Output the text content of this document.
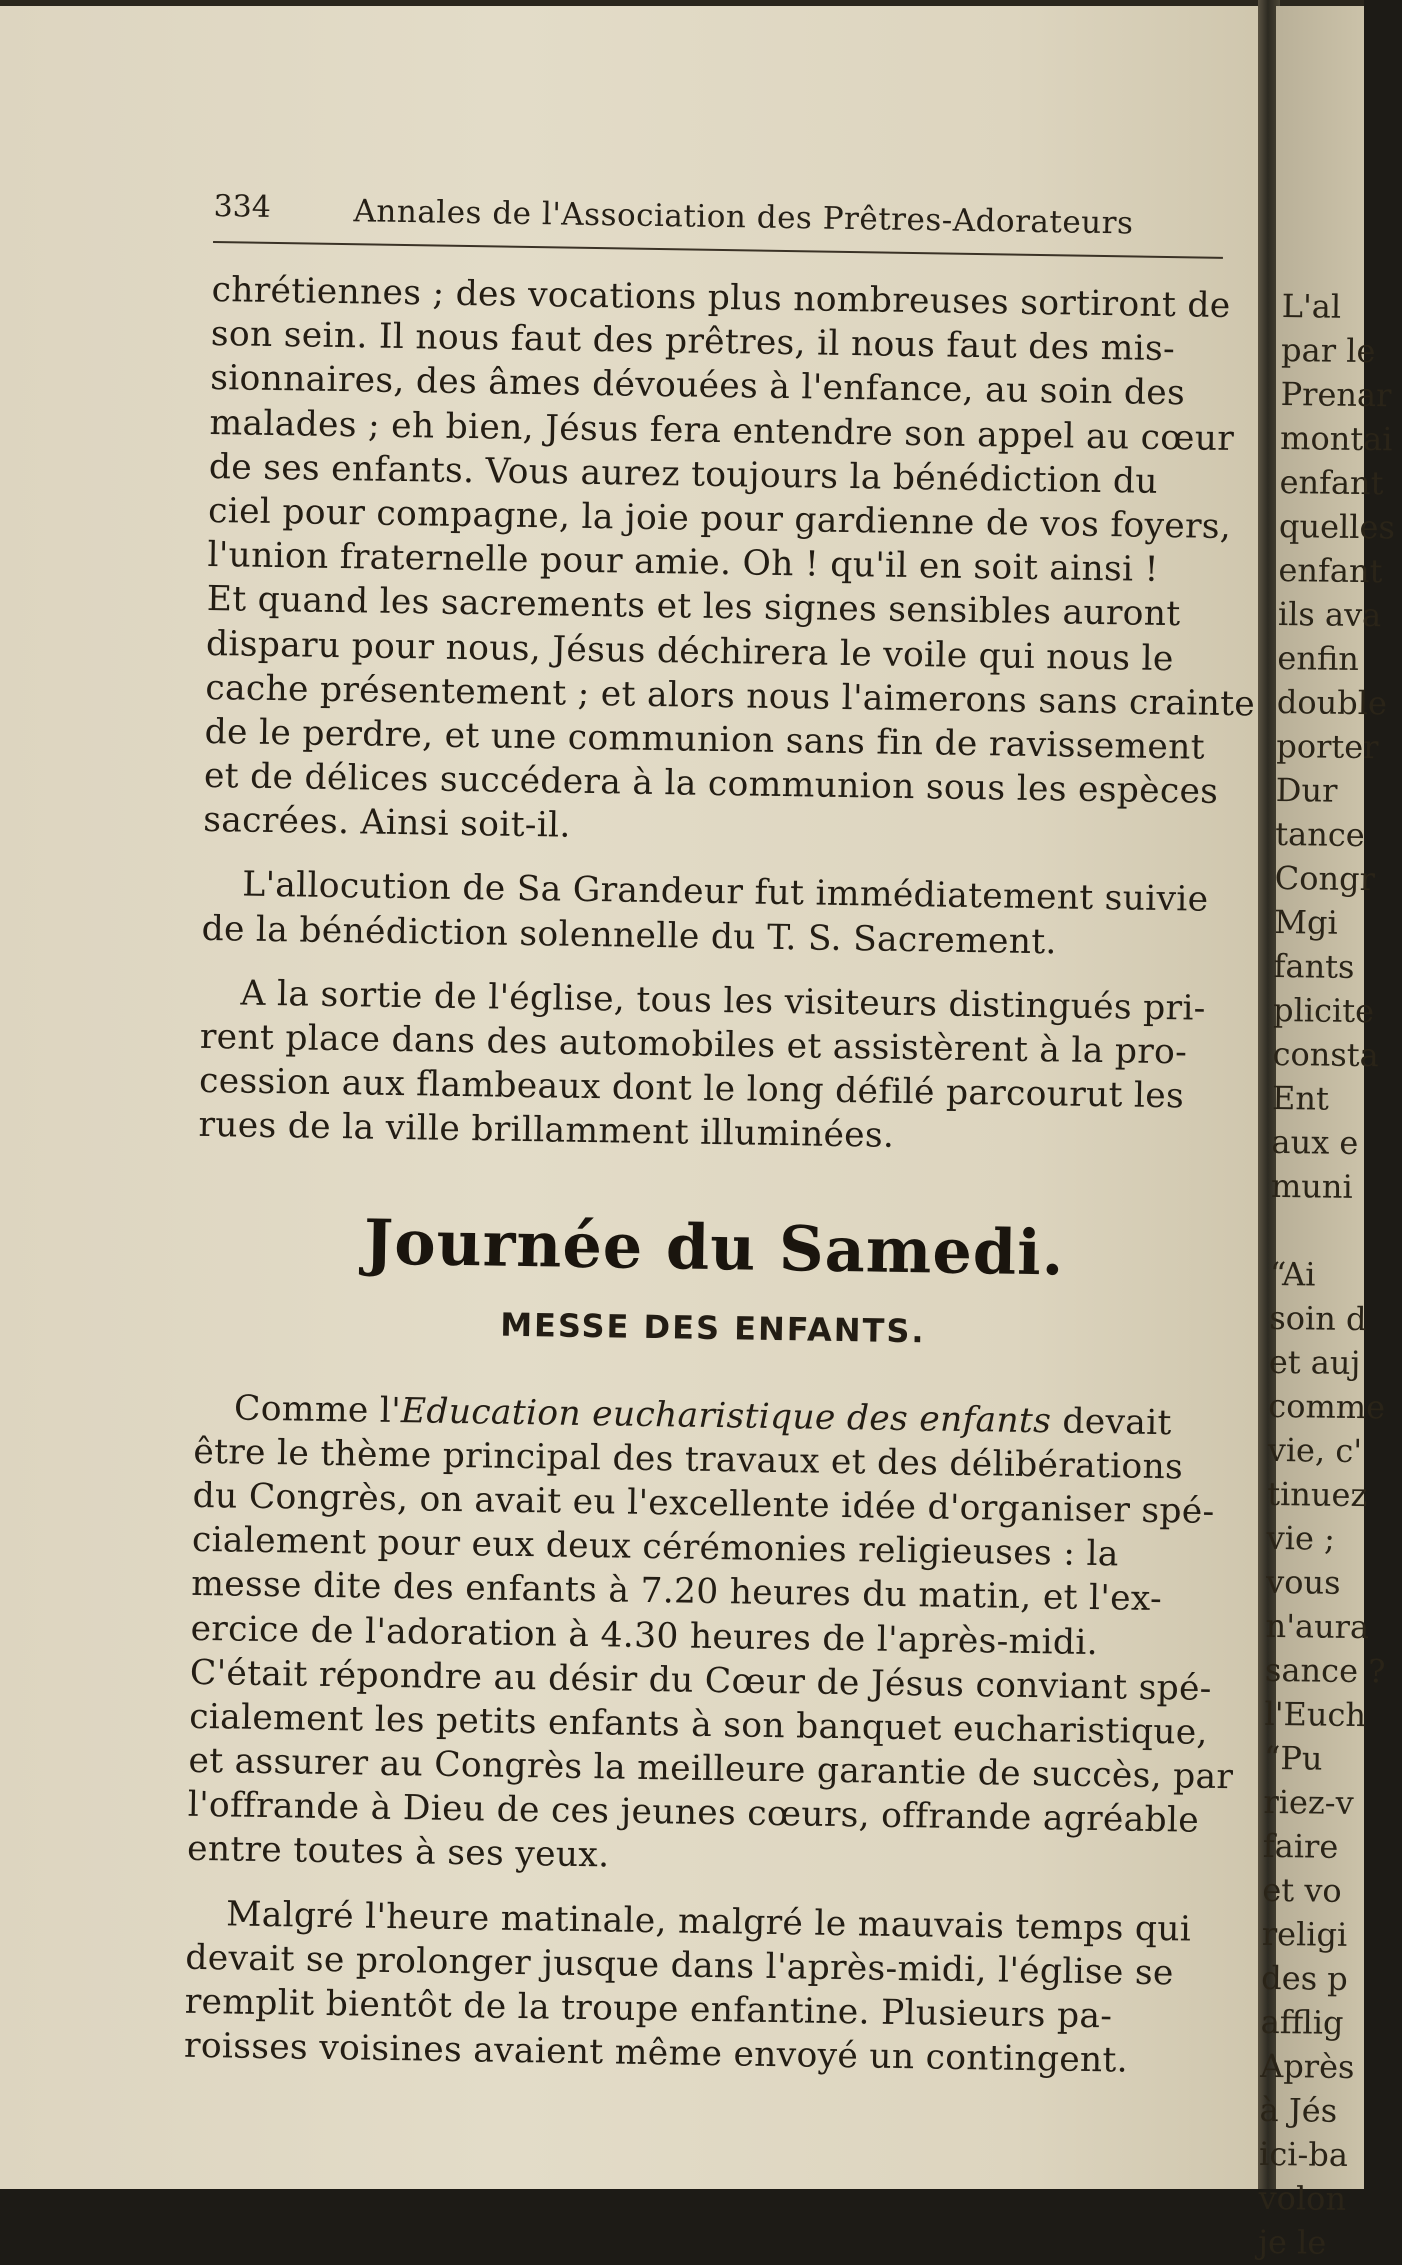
334	Annales de l'Association des Prêtres-Adorateurs
chrétiennes ; des vocations plus nombreuses sortiront de
son sein. Il nous faut des prêtres, il nous faut des mis-
sionnaires, des âmes dévouées à l'enfance, au soin des
malades ; eh bien, Jésus fera entendre son appel au cœur
de ses enfants. Vous aurez toujours la bénédiction du
ciel pour compagne, la joie pour gardienne de vos foyers,
l'union fraternelle pour amie. Oh ! qu'il en soit ainsi !
Et quand les sacrements et les signes sensibles auront
disparu pour nous, Jésus déchirera le voile qui nous le
cache présentement ; et alors nous l'aimerons sans crainte
de le perdre, et une communion sans fin de ravissement
et de délices succédera à la communion sous les espèces
sacrées. Ainsi soit-il.
L'allocution de Sa Grandeur fut immédiatement suivie
de la bénédiction solennelle du T. S. Sacrement.
A la sortie de l'église, tous les visiteurs distingués pri-
rent place dans des automobiles et assistèrent à la pro-
cession aux flambeaux dont le long défilé parcourut les
rues de la ville brillamment illuminées.
Journée du Samedi.
MESSE DES ENFANTS.
Comme l'Education eucharistique des enfants devait
être le thème principal des travaux et des délibérations
du Congrès, on avait eu l'excellente idée d'organiser spé-
cialement pour eux deux cérémonies religieuses : la
messe dite des enfants à 7.20 heures du matin, et l'ex-
ercice de l'adoration à 4.30 heures de l'après-midi.
C'était répondre au désir du Cœur de Jésus conviant spé-
cialement les petits enfants à son banquet eucharistique,
et assurer au Congrès la meilleure garantie de succès, par
l'offrande à Dieu de ces jeunes cœurs, offrande agréable
entre toutes à ses yeux.
Malgré l'heure matinale, malgré le mauvais temps qui
devait se prolonger jusque dans l'après-midi, l'église se
remplit bientôt de la troupe enfantine. Plusieurs pa-
roisses voisines avaient même envoyé un contingent.
L'al
par le
Prenar
montai
enfant
quelles
enfant
ils ava
enfin
double
porter
Dur
tance
Congr
Mgi
fants
plicite
consta
Ent
aux e
muni
“Ai
soin d
et auj
comme
vie, c'
tinuez
vie ;
vous
n'aura
sance ?
l'Euch
“Pu
riez-v
faire
et vo
religi
des p
afflig
Après
à Jés
ici-ba
volon
je le
